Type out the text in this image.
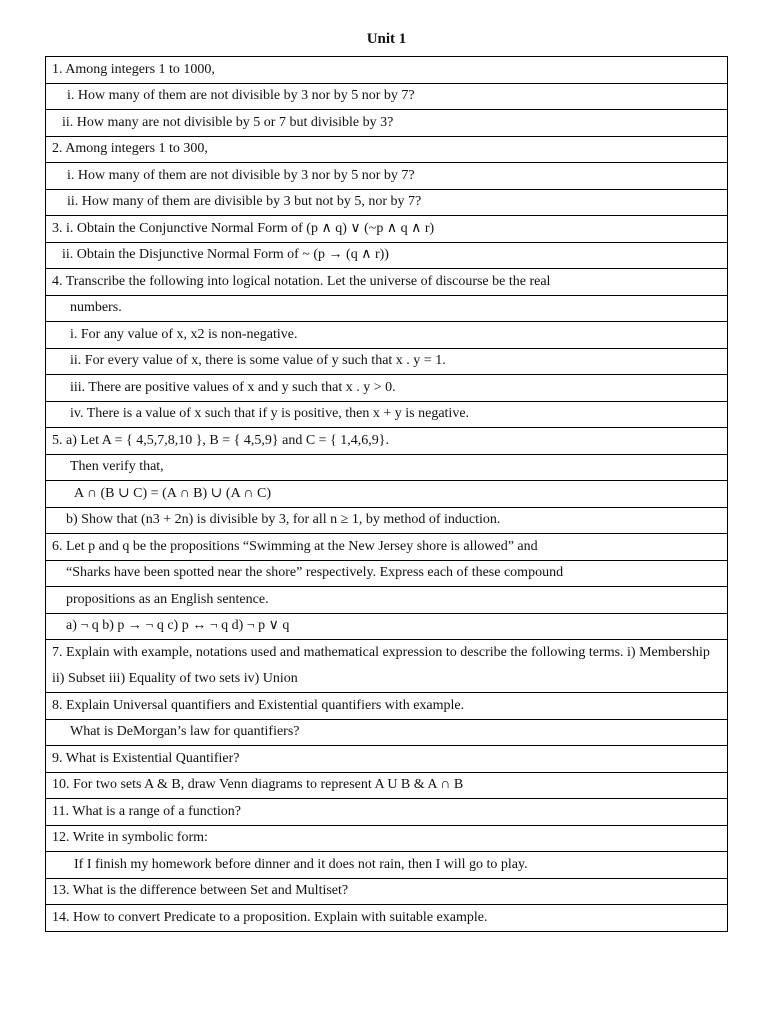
Unit 1
1. Among integers 1 to 1000,
i. How many of them are not divisible by 3 nor by 5 nor by 7?
ii. How many are not divisible by 5 or 7 but divisible by 3?
2. Among integers 1 to 300,
i. How many of them are not divisible by 3 nor by 5 nor by 7?
ii. How many of them are divisible by 3 but not by 5, nor by 7?
3. i. Obtain the Conjunctive Normal Form of (p ∧ q) ∨ (~p ∧ q ∧ r)
ii. Obtain the Disjunctive Normal Form of ~ (p → (q ∧ r))
4. Transcribe the following into logical notation. Let the universe of discourse be the real
numbers.
i. For any value of x, x2 is non-negative.
ii. For every value of x, there is some value of y such that x . y = 1.
iii. There are positive values of x and y such that x . y > 0.
iv. There is a value of x such that if y is positive, then x + y is negative.
5. a) Let A = { 4,5,7,8,10 }, B = { 4,5,9} and C = { 1,4,6,9}.
Then verify that,
A ∩ (B ∪ C) = (A ∩ B) ∪ (A ∩ C)
b) Show that (n3 + 2n) is divisible by 3, for all n ≥ 1, by method of induction.
6. Let p and q be the propositions “Swimming at the New Jersey shore is allowed” and
“Sharks have been spotted near the shore” respectively. Express each of these compound
propositions as an English sentence.
a) ¬ q b) p → ¬ q c) p ↔ ¬ q d) ¬ p ∨ q
7. Explain with example, notations used and mathematical expression to describe the following terms. i) Membership ii) Subset iii) Equality of two sets iv) Union
8. Explain Universal quantifiers and Existential quantifiers with example.
What is DeMorgan’s law for quantifiers?
9. What is Existential Quantifier?
10. For two sets A & B, draw Venn diagrams to represent A U B & A ∩ B
11. What is a range of a function?
12. Write in symbolic form:
If I finish my homework before dinner and it does not rain, then I will go to play.
13. What is the difference between Set and Multiset?
14. How to convert Predicate to a proposition. Explain with suitable example.
